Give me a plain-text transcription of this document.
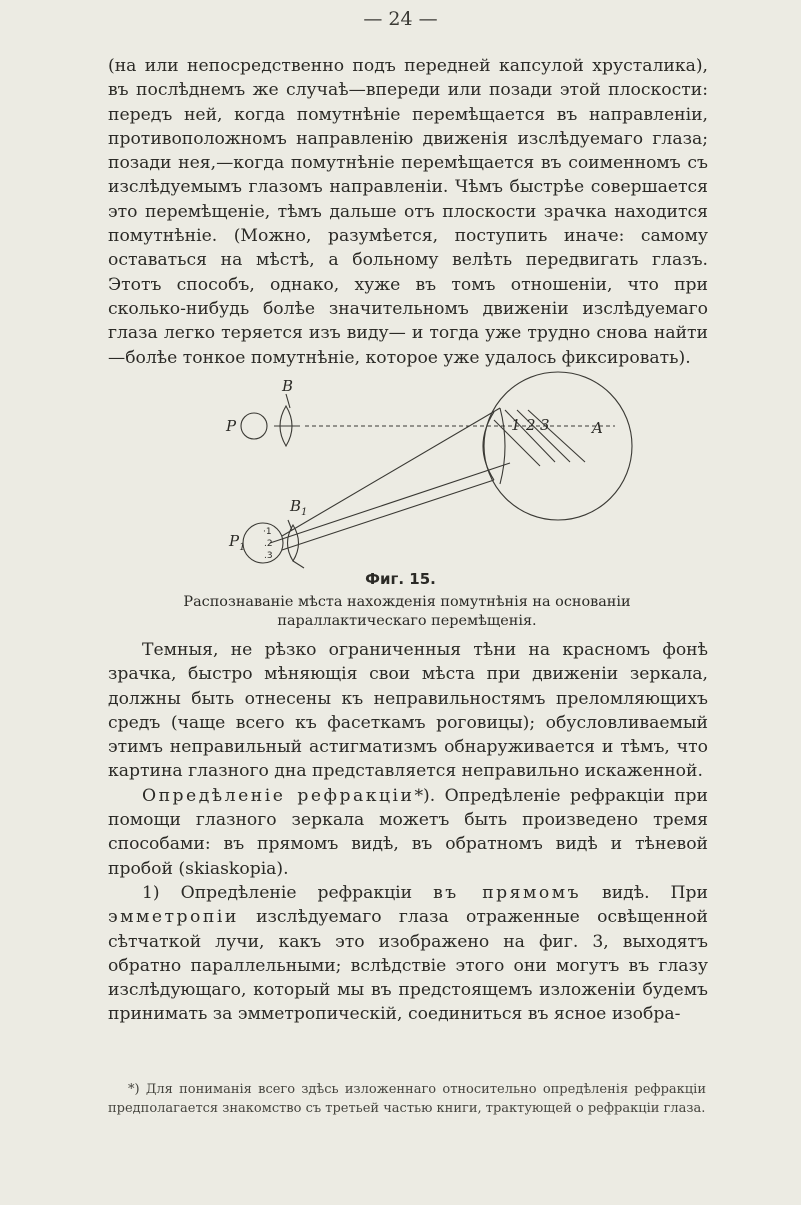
— 24 —

(на или непосредственно подъ передней капсулой хрусталика), въ послѣднемъ же случаѣ—впереди или позади этой плоскости: передъ ней, когда помутнѣніе перемѣщается въ направленіи, противоположномъ направленію движенія изслѣдуемаго глаза; позади нея,—когда помутнѣніе перемѣщается въ соименномъ съ изслѣдуемымъ глазомъ направленіи. Чѣмъ быстрѣе совершается это перемѣщеніе, тѣмъ дальше отъ плоскости зрачка находится помутнѣніе. (Можно, разумѣется, поступить иначе: самому оставаться на мѣстѣ, а больному велѣть передвигать глазъ. Этотъ способъ, однако, хуже въ томъ отношеніи, что при сколько-нибудь болѣе значительномъ движеніи изслѣдуемаго глаза легко теряется изъ виду— и тогда уже трудно снова найти—болѣе тонкое помутнѣніе, которое уже удалось фиксировать).

B
P	A
3
2
1
$B_1$
$P_1$
·1
.2
.3
Фиг. 15.
Распознаваніе мѣста нахожденія помутнѣнія на основаніи параллактическаго перемѣщенія.

Темныя, не рѣзко ограниченныя тѣни на красномъ фонѣ зрачка, быстро мѣняющія свои мѣста при движеніи зеркала, должны быть отнесены къ неправильностямъ преломляющихъ средъ (чаще всего къ фасеткамъ роговицы); обусловливаемый этимъ неправильный астигматизмъ обнаруживается и тѣмъ, что картина глазного дна представляется неправильно искаженной.

Опредѣленіе рефракціи*). Опредѣленіе рефракціи при помощи глазного зеркала можетъ быть произведено тремя способами: въ прямомъ видѣ, въ обратномъ видѣ и тѣневой пробой (skiaskopia).

1) Опредѣленіе рефракціи въ прямомъ видѣ. При эмметропіи изслѣдуемаго глаза отраженные освѣщенной сѣтчаткой лучи, какъ это изображено на фиг. 3, выходятъ обратно параллельными; вслѣдствіе этого они могутъ въ глазу изслѣдующаго, который мы въ предстоящемъ изложеніи будемъ принимать за эмметропическій, соединиться въ ясное изобра-

*) Для пониманія всего здѣсь изложеннаго относительно опредѣленія рефракціи предполагается знакомство съ третьей частью книги, трактующей о рефракціи глаза.
